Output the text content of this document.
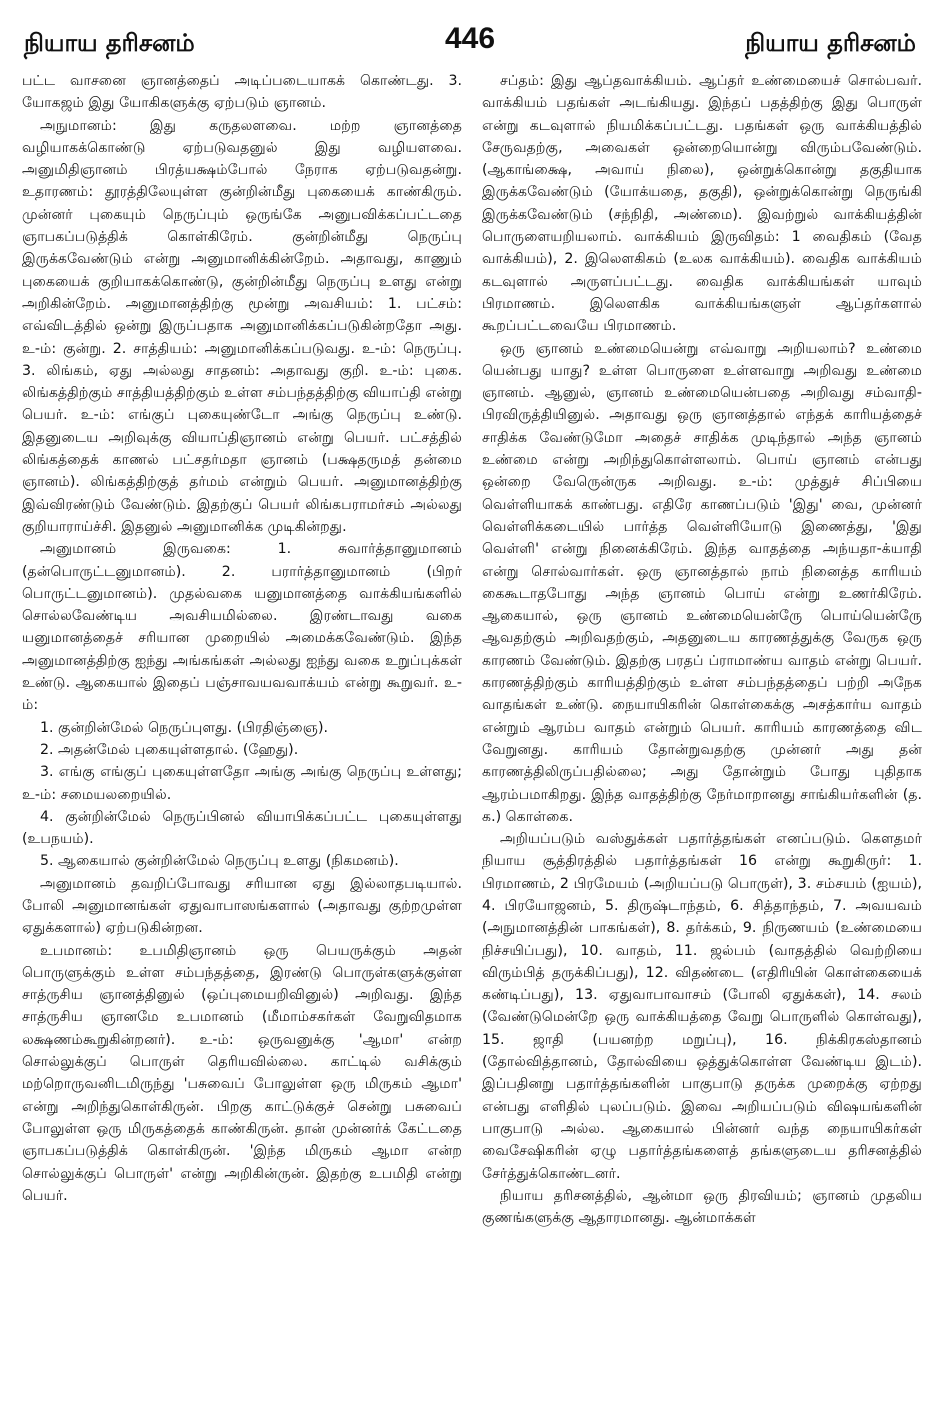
நியாய தரிசனம்	446	நியாய தரிசனம்

பட்ட வாசனை ஞானத்தைப் அடிப்படையாகக் கொண்டது. 3. யோகஜம் இது யோகிகளுக்கு ஏற்படும் ஞானம்.

அநுமானம்: இது கருதலளவை. மற்ற ஞானத்தை வழியாகக்கொண்டு ஏற்படுவதனுல் இது வழியளவை. அனுமிதிஞானம் பிரத்யக்ஷம்போல் நேராக ஏற்படுவதன்று. உதாரணம்: தூரத்திலேயுள்ள குன்றின்மீது புகையைக் காண்கிரும். முன்னர் புகையும் நெருப்பும் ஒருங்கே அனுபவிக்கப்பட்டதை ஞாபகப்படுத்திக் கொள்கிரேம். குன்றின்மீது நெருப்பு இருக்கவேண்டும் என்று அனுமானிக்கின்றேம். அதாவது, காணும் புகையைக் குறியாகக்கொண்டு, குன்றின்மீது நெருப்பு உளது என்று அறிகின்றேம். அனுமானத்திற்கு மூன்று அவசியம்: 1. பட்சம்: எவ்விடத்தில் ஒன்று இருப்பதாக அனுமானிக்கப்படுகின்றதோ அது. உ-ம்: குன்று. 2. சாத்தியம்: அனுமானிக்கப்படுவது. உ-ம்: நெருப்பு. 3. லிங்கம், ஏது அல்லது சாதனம்: அதாவது குறி. உ-ம்: புகை. லிங்கத்திற்கும் சாத்தியத்திற்கும் உள்ள சம்பந்தத்திற்கு வியாப்தி என்று பெயர். உ-ம்: எங்குப் புகையுண்டோ அங்கு நெருப்பு உண்டு. இதனுடைய அறிவுக்கு வியாப்திஞானம் என்று பெயர். பட்சத்தில் லிங்கத்தைக் காணல் பட்சதர்மதா ஞானம் (பக்ஷதருமத் தன்மை ஞானம்). லிங்கத்திற்குத் தர்மம் என்றும் பெயர். அனுமானத்திற்கு இவ்விரண்டும் வேண்டும். இதற்குப் பெயர் லிங்கபராமர்சம் அல்லது குறியாராய்ச்சி. இதனுல் அனுமானிக்க முடிகின்றது.

அனுமானம் இருவகை: 1. சுவார்த்தானுமானம் (தன்பொருட்டனுமானம்). 2. பரார்த்தானுமானம் (பிறர் பொருட்டனுமானம்). முதல்வகை யனுமானத்தை வாக்கியங்களில் சொல்லவேண்டிய அவசியமில்லை. இரண்டாவது வகை யனுமானத்தைச் சரியான முறையில் அமைக்கவேண்டும். இந்த அனுமானத்திற்கு ஐந்து அங்கங்கள் அல்லது ஐந்து வகை உறுப்புக்கள் உண்டு. ஆகையால் இதைப் பஞ்சாவயவவாக்யம் என்று கூறுவர். உ-ம்:

1. குன்றின்மேல் நெருப்புளது. (பிரதிஞ்ஞை).

2. அதன்மேல் புகையுள்ளதால். (ஹேது).

3. எங்கு எங்குப் புகையுள்ளதோ அங்கு அங்கு நெருப்பு உள்ளது; உ-ம்: சமையலறையில்.

4. குன்றின்மேல் நெருப்பினல் வியாபிக்கப்பட்ட புகையுள்ளது (உபநயம்).

5. ஆகையால் குன்றின்மேல் நெருப்பு உளது (நிகமனம்).

அனுமானம் தவறிப்போவது சரியான ஏது இல்லாதபடியால். போலி அனுமானங்கள் ஏதுவாபாஸங்களால் (அதாவது குற்றமுள்ள ஏதுக்களால்) ஏற்படுகின்றன.

உபமானம்: உபமிதிஞானம் ஒரு பெயருக்கும் அதன் பொருளுக்கும் உள்ள சம்பந்தத்தை, இரண்டு பொருள்களுக்குள்ள சாத்ருசிய ஞானத்தினுல் (ஒப்புமையறிவினுல்) அறிவது. இந்த சாத்ருசிய ஞானமே உபமானம் (மீமாம்சகர்கள் வேறுவிதமாக லக்ஷணம்கூறுகின்றனர்). உ-ம்: ஒருவனுக்கு 'ஆமா' என்ற சொல்லுக்குப் பொருள் தெரியவில்லை. காட்டில் வசிக்கும் மற்றொருவனிடமிருந்து 'பசுவைப் போலுள்ள ஒரு மிருகம் ஆமா' என்று அறிந்துகொள்கிருன். பிறகு காட்டுக்குச் சென்று பசுவைப் போலுள்ள ஒரு மிருகத்தைக் காண்கிருன். தான் முன்னர்க் கேட்டதை ஞாபகப்படுத்திக் கொள்கிருன். 'இந்த மிருகம் ஆமா என்ற சொல்லுக்குப் பொருள்' என்று அறிகின்ருன். இதற்கு உபமிதி என்று பெயர்.

சப்தம்: இது ஆப்தவாக்கியம். ஆப்தர் உண்மையைச் சொல்பவர். வாக்கியம் பதங்கள் அடங்கியது. இந்தப் பதத்திற்கு இது பொருள் என்று கடவுளால் நியமிக்கப்பட்டது. பதங்கள் ஒரு வாக்கியத்தில் சேருவதற்கு, அவைகள் ஒன்றையொன்று விரும்பவேண்டும். (ஆகாங்க்ஷை, அவாய் நிலை), ஒன்றுக்கொன்று தகுதியாக இருக்கவேண்டும் (யோக்யதை, தகுதி), ஒன்றுக்கொன்று நெருங்கி இருக்கவேண்டும் (சந்நிதி, அண்மை). இவற்றுல் வாக்கியத்தின் பொருளையறியலாம். வாக்கியம் இருவிதம்: 1 வைதிகம் (வேத வாக்கியம்), 2. இலௌகிகம் (உலக வாக்கியம்). வைதிக வாக்கியம் கடவுளால் அருளப்பட்டது. வைதிக வாக்கியங்கள் யாவும் பிரமாணம். இலௌகிக வாக்கியங்களுள் ஆப்தர்களால் கூறப்பட்டவையே பிரமாணம்.

ஒரு ஞானம் உண்மையென்று எவ்வாறு அறியலாம்? உண்மை யென்பது யாது? உள்ள பொருளை உள்ளவாறு அறிவது உண்மை ஞானம். ஆனுல், ஞானம் உண்மையென்பதை அறிவது சம்வாதி-பிரவிருத்தியினுல். அதாவது ஒரு ஞானத்தால் எந்தக் காரியத்தைச் சாதிக்க வேண்டுமோ அதைச் சாதிக்க முடிந்தால் அந்த ஞானம் உண்மை என்று அறிந்துகொள்ளலாம். பொய் ஞானம் என்பது ஒன்றை வேருென்ருக அறிவது. உ-ம்: முத்துச் சிப்பியை வெள்ளியாகக் காண்பது. எதிரே காணப்படும் 'இது' வை, முன்னர் வெள்ளிக்கடையில் பார்த்த வெள்ளியோடு இணைத்து, 'இது வெள்ளி' என்று நினைக்கிரேம். இந்த வாதத்தை அந்யதா-க்யாதி என்று சொல்வார்கள். ஒரு ஞானத்தால் நாம் நினைத்த காரியம் கைகூடாதபோது அந்த ஞானம் பொய் என்று உணர்கிரேம். ஆகையால், ஒரு ஞானம் உண்மையென்ருே பொய்யென்ருே ஆவதற்கும் அறிவதற்கும், அதனுடைய காரணத்துக்கு வேருக ஒரு காரணம் வேண்டும். இதற்கு பரதப் ப்ராமாண்ய வாதம் என்று பெயர். காரணத்திற்கும் காரியத்திற்கும் உள்ள சம்பந்தத்தைப் பற்றி அநேக வாதங்கள் உண்டு. நையாயிகரின் கொள்கைக்கு அசத்கார்ய வாதம் என்றும் ஆரம்ப வாதம் என்றும் பெயர். காரியம் காரணத்தை விட வேறுனது. காரியம் தோன்றுவதற்கு முன்னர் அது தன் காரணத்திலிருப்பதில்லை; அது தோன்றும் போது புதிதாக ஆரம்பமாகிறது. இந்த வாதத்திற்கு நேர்மாறானது சாங்கியர்களின் (த. க.) கொள்கை.

அறியப்படும் வஸ்துக்கள் பதார்த்தங்கள் எனப்படும். கௌதமர் நியாய சூத்திரத்தில் பதார்த்தங்கள் 16 என்று கூறுகிருர்: 1. பிரமாணம், 2 பிரமேயம் (அறியப்படு பொருள்), 3. சம்சயம் (ஐயம்), 4. பிரயோஜனம், 5. திருஷ்டாந்தம், 6. சித்தாந்தம், 7. அவயவம் (அநுமானத்தின் பாகங்கள்), 8. தர்க்கம், 9. நிருணயம் (உண்மையை நிச்சயிப்பது), 10. வாதம், 11. ஜல்பம் (வாதத்தில் வெற்றியை விரும்பித் தருக்கிப்பது), 12. விதண்டை (எதிரியின் கொள்கையைக் கண்டிப்பது), 13. ஏதுவாபாவாசம் (போலி ஏதுக்கள்), 14. சலம் (வேண்டுமென்றே ஒரு வாக்கியத்தை வேறு பொருளில் கொள்வது), 15. ஜாதி (பயனற்ற மறுப்பு), 16. நிக்கிரகஸ்தானம் (தோல்வித்தானம், தோல்வியை ஒத்துக்கொள்ள வேண்டிய இடம்). இப்பதினறு பதார்த்தங்களின் பாகுபாடு தருக்க முறைக்கு ஏற்றது என்பது எளிதில் புலப்படும். இவை அறியப்படும் விஷயங்களின் பாகுபாடு அல்ல. ஆகையால் பின்னர் வந்த நையாயிகர்கள் வைசேஷிகரின் ஏழு பதார்த்தங்களைத் தங்களுடைய தரிசனத்தில் சேர்த்துக்கொண்டனர்.

நியாய தரிசனத்தில், ஆன்மா ஒரு திரவியம்; ஞானம் முதலிய குணங்களுக்கு ஆதாரமானது. ஆன்மாக்கள்
